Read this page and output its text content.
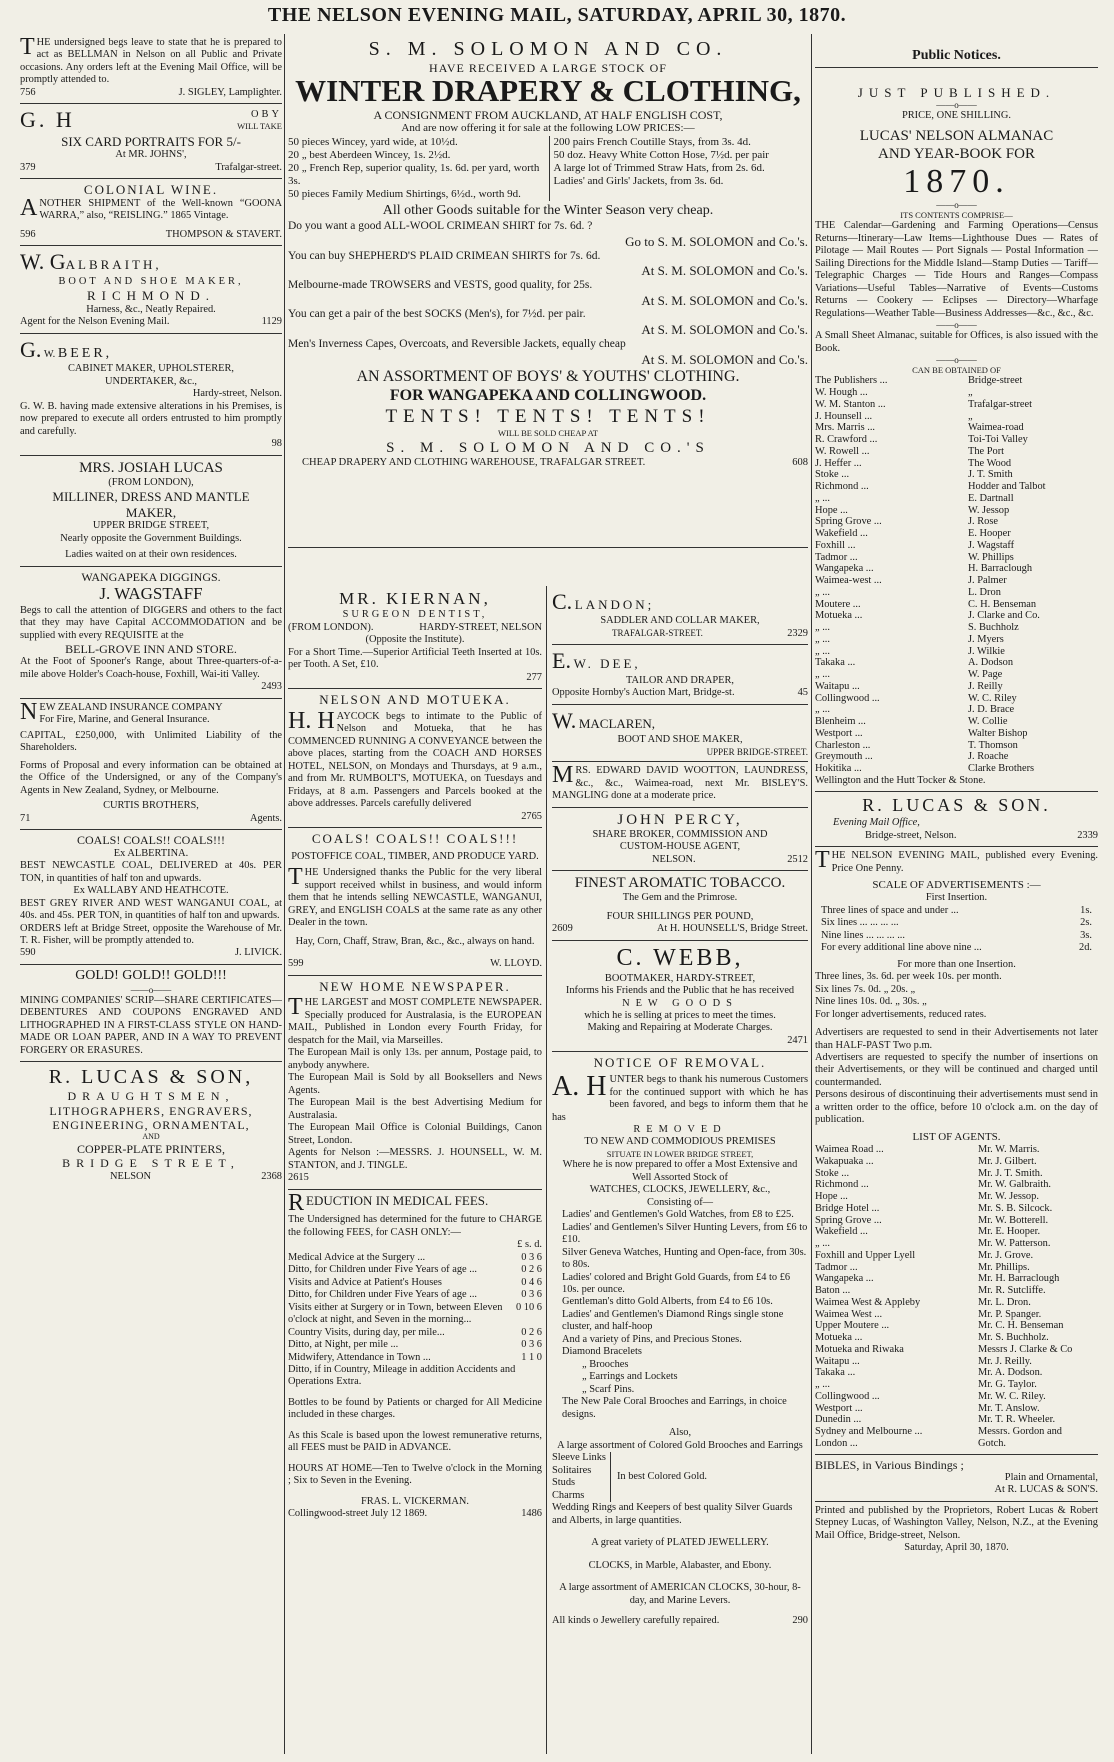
THE NELSON EVENING MAIL, SATURDAY, APRIL 30, 1870.

THE undersigned begs leave to state that he is prepared to act as BELLMAN in Nelson on all Public and Private occasions. Any orders left at the Evening Mail Office, will be promptly attended to.

756	J. SIGLEY, Lamplighter.
G. H	OBY
WILL TAKE

SIX CARD PORTRAITS FOR 5/-

At MR. JOHNS',

379	Trafalgar-street.

COLONIAL WINE.

ANOTHER SHIPMENT of the Well-known “GOONA WARRA,” also, “REISLING.” 1865 Vintage.

596	THOMPSON & STAVERT.

W. GALBRAITH,

BOOT AND SHOE MAKER,

RICHMOND.

Harness, &c., Neatly Repaired.

Agent for the Nelson Evening Mail.	1129

G. W. BEER,

CABINET MAKER, UPHOLSTERER,

UNDERTAKER, &c.,

Hardy-street, Nelson.

G. W. B. having made extensive alterations in his Premises, is now prepared to execute all orders entrusted to him promptly and carefully.

98

MRS. JOSIAH LUCAS

(FROM LONDON),

MILLINER, DRESS AND MANTLE

MAKER,

UPPER BRIDGE STREET,

Nearly opposite the Government Buildings.

Ladies waited on at their own residences.

WANGAPEKA DIGGINGS.

J. WAGSTAFF

Begs to call the attention of DIGGERS and others to the fact that they may have Capital ACCOMMODATION and be supplied with every REQUISITE at the

BELL-GROVE INN AND STORE.

At the Foot of Spooner's Range, about Three-quarters-of-a-mile above Holder's Coach-house, Foxhill, Wai-iti Valley.

2493

NEW ZEALAND INSURANCE COMPANY
For Fire, Marine, and General Insurance.

CAPITAL, £250,000, with Unlimited Liability of the Shareholders.

Forms of Proposal and every information can be obtained at the Office of the Undersigned, or any of the Company's Agents in New Zealand, Sydney, or Melbourne.

CURTIS BROTHERS,

71	Agents.

COALS! COALS!! COALS!!!

Ex ALBERTINA.

BEST NEWCASTLE COAL, DELIVERED at 40s. PER TON, in quantities of half ton and upwards.

Ex WALLABY AND HEATHCOTE.

BEST GREY RIVER AND WEST WANGANUI COAL, at 40s. and 45s. PER TON, in quantities of half ton and upwards.

ORDERS left at Bridge Street, opposite the Warehouse of Mr. T. R. Fisher, will be promptly attended to.

590	J. LIVICK.

GOLD! GOLD!! GOLD!!!

——o——

MINING COMPANIES' SCRIP—SHARE CERTIFICATES—DEBENTURES AND COUPONS ENGRAVED AND LITHOGRAPHED IN A FIRST-CLASS STYLE ON HAND-MADE OR LOAN PAPER, AND IN A WAY TO PREVENT FORGERY OR ERASURES.

R. LUCAS & SON,

DRAUGHTSMEN,

LITHOGRAPHERS, ENGRAVERS,

ENGINEERING, ORNAMENTAL,

AND

COPPER-PLATE PRINTERS,

BRIDGE STREET,

NELSON	2368

S. M. SOLOMON AND CO.

HAVE RECEIVED A LARGE STOCK OF

WINTER DRAPERY & CLOTHING,

A CONSIGNMENT FROM AUCKLAND, AT HALF ENGLISH COST,

And are now offering it for sale at the following LOW PRICES:—

50 pieces Wincey, yard wide, at 10½d.

20 „ best Aberdeen Wincey, 1s. 2½d.

20 „ French Rep, superior quality, 1s. 6d. per yard, worth 3s.

50 pieces Family Medium Shirtings, 6½d., worth 9d.

200 pairs French Coutille Stays, from 3s. 4d.

50 doz. Heavy White Cotton Hose, 7½d. per pair

A large lot of Trimmed Straw Hats, from 2s. 6d.

Ladies' and Girls' Jackets, from 3s. 6d.

All other Goods suitable for the Winter Season very cheap.

Do you want a good ALL-WOOL CRIMEAN SHIRT for 7s. 6d. ?

Go to S. M. SOLOMON and Co.'s.

You can buy SHEPHERD'S PLAID CRIMEAN SHIRTS for 7s. 6d.

At S. M. SOLOMON and Co.'s.

Melbourne-made TROWSERS and VESTS, good quality, for 25s.

At S. M. SOLOMON and Co.'s.

You can get a pair of the best SOCKS (Men's), for 7½d. per pair.

At S. M. SOLOMON and Co.'s.

Men's Inverness Capes, Overcoats, and Reversible Jackets, equally cheap

At S. M. SOLOMON and Co.'s.

AN ASSORTMENT OF BOYS' & YOUTHS' CLOTHING.

FOR WANGAPEKA AND COLLINGWOOD.

TENTS! TENTS! TENTS!

WILL BE SOLD CHEAP AT

S. M. SOLOMON AND CO.'S

CHEAP DRAPERY AND CLOTHING WAREHOUSE, TRAFALGAR STREET.	608

MR. KIERNAN,

SURGEON DENTIST,

(FROM LONDON).	HARDY-STREET, NELSON

(Opposite the Institute).

For a Short Time.—Superior Artificial Teeth Inserted at 10s. per Tooth. A Set, £10.

277

NELSON AND MOTUEKA.

H. H AYCOCK begs to intimate to the Public of Nelson and Motueka, that he has COMMENCED RUNNING A CONVEYANCE between the above places, starting from the COACH AND HORSES HOTEL, NELSON, on Mondays and Thursdays, at 9 a.m., and from Mr. RUMBOLT'S, MOTUEKA, on Tuesdays and Fridays, at 8 a.m. Passengers and Parcels booked at the above addresses. Parcels carefully delivered

2765

COALS! COALS!! COALS!!!

POSTOFFICE COAL, TIMBER, AND PRODUCE YARD.

THE Undersigned thanks the Public for the very liberal support received whilst in business, and would inform them that he intends selling NEWCASTLE, WANGANUI, GREY, and ENGLISH COALS at the same rate as any other Dealer in the town.

Hay, Corn, Chaff, Straw, Bran, &c., &c., always on hand.

599	W. LLOYD.

NEW HOME NEWSPAPER.

THE LARGEST and MOST COMPLETE NEWSPAPER. Specially produced for Australasia, is the EUROPEAN MAIL, Published in London every Fourth Friday, for despatch for the Mail, via Marseilles.

The European Mail is only 13s. per annum, Postage paid, to anybody anywhere.

The European Mail is Sold by all Booksellers and News Agents.

The European Mail is the best Advertising Medium for Australasia.

The European Mail Office is Colonial Buildings, Canon Street, London.

Agents for Nelson :—MESSRS. J. HOUNSELL, W. M. STANTON, and J. TINGLE.

2615

REDUCTION IN MEDICAL FEES.

The Undersigned has determined for the future to CHARGE the following FEES, for CASH ONLY:—

£ s. d.

Medical Advice at the Surgery ...	0 3 6
Ditto, for Children under Five Years of age ...	0 2 6
Visits and Advice at Patient's Houses	0 4 6
Ditto, for Children under Five Years of age ...	0 3 6
Visits either at Surgery or in Town, between Eleven o'clock at night, and Seven in the morning...
0 10 6
Country Visits, during day, per mile...	0 2 6
Ditto, at Night, per mile ...	0 3 6
Midwifery, Attendance in Town ...	1 1 0

Ditto, if in Country, Mileage in addition Accidents and Operations Extra.

Bottles to be found by Patients or charged for All Medicine included in these charges.

As this Scale is based upon the lowest remunerative returns, all FEES must be PAID in ADVANCE.

HOURS AT HOME—Ten to Twelve o'clock in the Morning ; Six to Seven in the Evening.

FRAS. L. VICKERMAN.

Collingwood-street July 12 1869.	1486

C. LANDON;

SADDLER AND COLLAR MAKER,

TRAFALGAR-STREET.	2329

E. W. DEE,

TAILOR AND DRAPER,

Opposite Hornby's Auction Mart, Bridge-st.	45

W. MACLAREN,

BOOT AND SHOE MAKER,

UPPER BRIDGE-STREET.

MRS. EDWARD DAVID WOOTTON, LAUNDRESS, &c., &c., Waimea-road, next Mr. BISLEY'S. MANGLING done at a moderate price.

JOHN PERCY,

SHARE BROKER, COMMISSION AND

CUSTOM-HOUSE AGENT,

NELSON.	2512

FINEST AROMATIC TOBACCO.

The Gem and the Primrose.

FOUR SHILLINGS PER POUND,

2609	At H. HOUNSELL'S, Bridge Street.

C. WEBB,

BOOTMAKER, HARDY-STREET,

Informs his Friends and the Public that he has received

NEW GOODS

which he is selling at prices to meet the times.

Making and Repairing at Moderate Charges.

2471

NOTICE OF REMOVAL.

A. H UNTER begs to thank his numerous Customers for the continued support with which he has been favored, and begs to inform them that he has

REMOVED

TO NEW AND COMMODIOUS PREMISES

SITUATE IN LOWER BRIDGE STREET,

Where he is now prepared to offer a Most Extensive and Well Assorted Stock of

WATCHES, CLOCKS, JEWELLERY, &c.,

Consisting of—

Ladies' and Gentlemen's Gold Watches, from £8 to £25.

Ladies' and Gentlemen's Silver Hunting Levers, from £6 to £10.

Silver Geneva Watches, Hunting and Open-face, from 30s. to 80s.

Ladies' colored and Bright Gold Guards, from £4 to £6 10s. per ounce.

Gentleman's ditto Gold Alberts, from £4 to £6 10s.

Ladies' and Gentlemen's Diamond Rings single stone cluster, and half-hoop

And a variety of Pins, and Precious Stones.

Diamond Bracelets

„ Brooches

„ Earrings and Lockets

„ Scarf Pins.

The New Pale Coral Brooches and Earrings, in choice designs.

Also,

A large assortment of Colored Gold Brooches and Earrings

Sleeve Links

Solitaires

Studs

Charms

In best Colored Gold.

Wedding Rings and Keepers of best quality Silver Guards and Alberts, in large quantities.

A great variety of PLATED JEWELLERY.

CLOCKS, in Marble, Alabaster, and Ebony.

A large assortment of AMERICAN CLOCKS, 30-hour, 8-day, and Marine Levers.

All kinds o Jewellery carefully repaired.	290

Public Notices.

JUST PUBLISHED.

——o——

PRICE, ONE SHILLING.

LUCAS' NELSON ALMANAC

AND YEAR-BOOK FOR

1870.

——o——

ITS CONTENTS COMPRISE—

THE Calendar—Gardening and Farming Operations—Census Returns—Itinerary—Law Items—Lighthouse Dues — Rates of Pilotage — Mail Routes — Port Signals — Postal Information — Sailing Directions for the Middle Island—Stamp Duties — Tariff—Telegraphic Charges — Tide Hours and Ranges—Compass Variations—Useful Tables—Narrative of Events—Customs Returns — Cookery — Eclipses — Directory—Wharfage Regulations—Weather Table—Business Addresses—&c., &c., &c.

——o——

A Small Sheet Almanac, suitable for Offices, is also issued with the Book.

——o——

CAN BE OBTAINED OF

The Publishers ...	Bridge-street
W. Hough ...	„
W. M. Stanton ...	Trafalgar-street
J. Hounsell ...	„
Mrs. Marris ...	Waimea-road
R. Crawford ...	Toi-Toi Valley
W. Rowell ...	The Port
J. Heffer ...	The Wood
Stoke ...	J. T. Smith
Richmond ...	Hodder and Talbot
„ ...	E. Dartnall
Hope ...	W. Jessop
Spring Grove ...	J. Rose
Wakefield ...	E. Hooper
Foxhill ...	J. Wagstaff
Tadmor ...	W. Phillips
Wangapeka ...	H. Barraclough
Waimea-west ...	J. Palmer
„ ...	L. Dron
Moutere ...	C. H. Benseman
Motueka ...	J. Clarke and Co.
„ ...	S. Buchholz
„ ...	J. Myers
„ ...	J. Wilkie
Takaka ...	A. Dodson
„ ...	W. Page
Waitapu ...	J. Reilly
Collingwood ...	W. C. Riley
„ ...	J. D. Brace
Blenheim ...	W. Collie
Westport ...	Walter Bishop
Charleston ...	T. Thomson
Greymouth ...	J. Roache
Hokitika ...	Clarke Brothers

Wellington and the Hutt Tocker & Stone.

R. LUCAS & SON.

Evening Mail Office,

Bridge-street, Nelson.	2339

THE NELSON EVENING MAIL, published every Evening. Price One Penny.

SCALE OF ADVERTISEMENTS :—

First Insertion.

Three lines of space and under ...	1s.
Six lines ... ... ... ...	2s.
Nine lines ... ... ... ...	3s.
For every additional line above nine ...	2d.

For more than one Insertion.

Three lines, 3s. 6d. per week 10s. per month.

Six lines 7s. 0d. „ 20s. „

Nine lines 10s. 0d. „ 30s. „

For longer advertisements, reduced rates.

Advertisers are requested to send in their Advertisements not later than HALF-PAST Two p.m.

Advertisers are requested to specify the number of insertions on their Advertisements, or they will be continued and charged until countermanded.

Persons desirous of discontinuing their advertisements must send in a written order to the office, before 10 o'clock a.m. on the day of publication.

LIST OF AGENTS.

Waimea Road ...	Mr. W. Marris.
Wakapuaka ...	Mr. J. Gilbert.
Stoke ...	Mr. J. T. Smith.
Richmond ...	Mr. W. Galbraith.
Hope ...	Mr. W. Jessop.
Bridge Hotel ...	Mr. S. B. Silcock.
Spring Grove ...	Mr. W. Botterell.
Wakefield ...	Mr. E. Hooper.
„ ...	Mr. W. Patterson.
Foxhill and Upper Lyell	Mr. J. Grove.
Tadmor ...	Mr. Phillips.
Wangapeka ...	Mr. H. Barraclough
Baton ...	Mr. R. Sutcliffe.
Waimea West & Appleby	Mr. L. Dron.
Waimea West ...	Mr. P. Spanger.
Upper Moutere ...	Mr. C. H. Benseman
Motueka ...	Mr. S. Buchholz.
Motueka and Riwaka	Messrs J. Clarke & Co
Waitapu ...	Mr. J. Reilly.
Takaka ...	Mr. A. Dodson.
„ ...	Mr. G. Taylor.
Collingwood ...	Mr. W. C. Riley.
Westport ...	Mr. T. Anslow.
Dunedin ...	Mr. T. R. Wheeler.
Sydney and Melbourne ...	Messrs. Gordon and
London ...	Gotch.

BIBLES, in Various Bindings ;

Plain and Ornamental,

At R. LUCAS & SON'S.

Printed and published by the Proprietors, Robert Lucas & Robert Stepney Lucas, of Washington Valley, Nelson, N.Z., at the Evening Mail Office, Bridge-street, Nelson.

Saturday, April 30, 1870.
